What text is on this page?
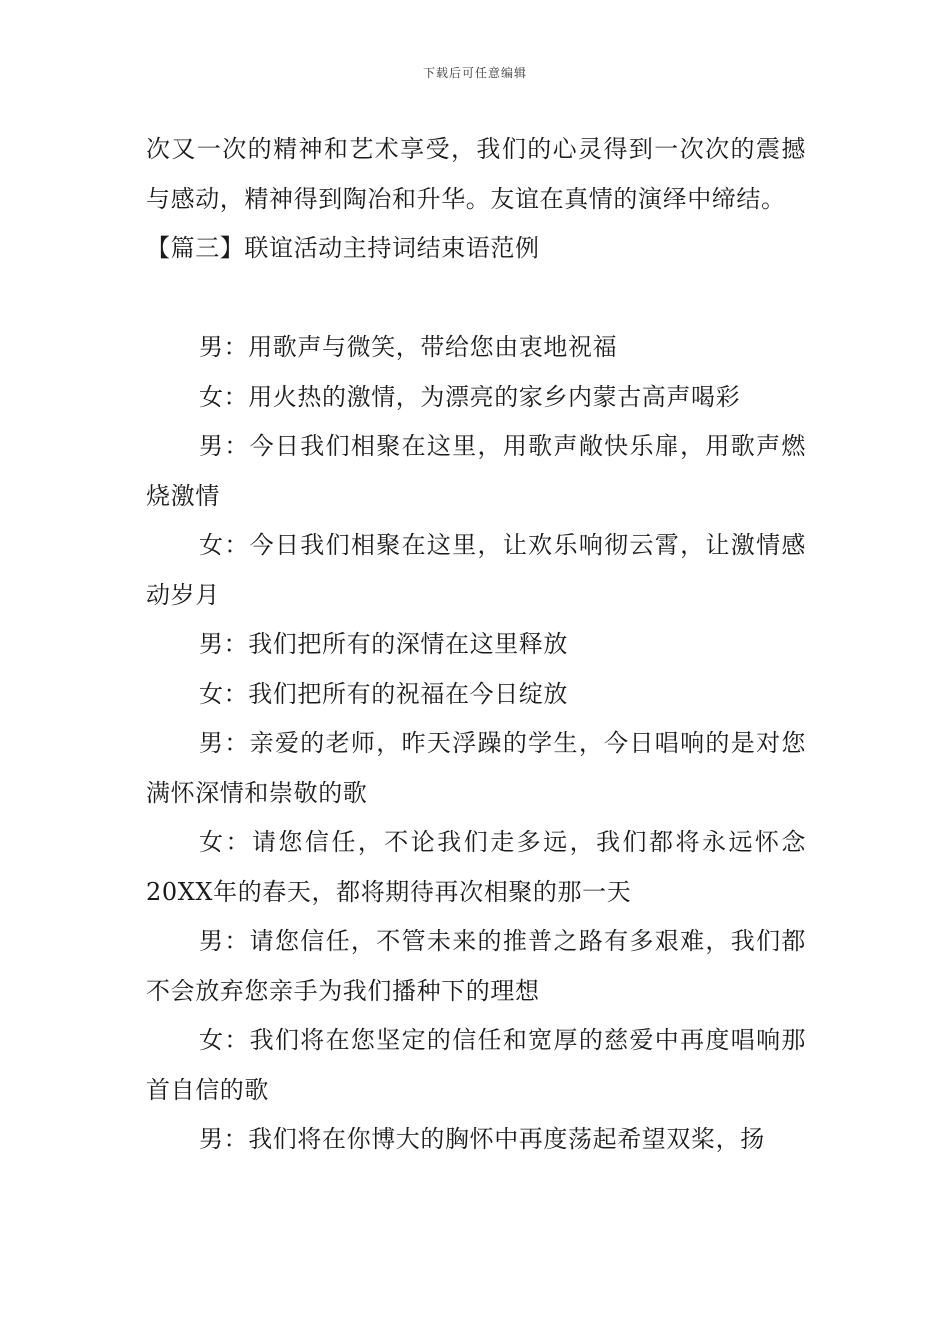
下载后可任意编辑

次又一次的精神和艺术享受，我们的心灵得到一次次的震撼与感动，精神得到陶冶和升华。友谊在真情的演绎中缔结。

【篇三】联谊活动主持词结束语范例

男：用歌声与微笑，带给您由衷地祝福

女：用火热的激情，为漂亮的家乡内蒙古高声喝彩

男：今日我们相聚在这里，用歌声敞快乐扉，用歌声燃烧激情

女：今日我们相聚在这里，让欢乐响彻云霄，让激情感动岁月

男：我们把所有的深情在这里释放

女：我们把所有的祝福在今日绽放

男：亲爱的老师，昨天浮躁的学生，今日唱响的是对您满怀深情和崇敬的歌

女：请您信任，不论我们走多远，我们都将永远怀念20XX年的春天，都将期待再次相聚的那一天

男：请您信任，不管未来的推普之路有多艰难，我们都不会放弃您亲手为我们播种下的理想

女：我们将在您坚定的信任和宽厚的慈爱中再度唱响那首自信的歌

男：我们将在你博大的胸怀中再度荡起希望双桨，扬
